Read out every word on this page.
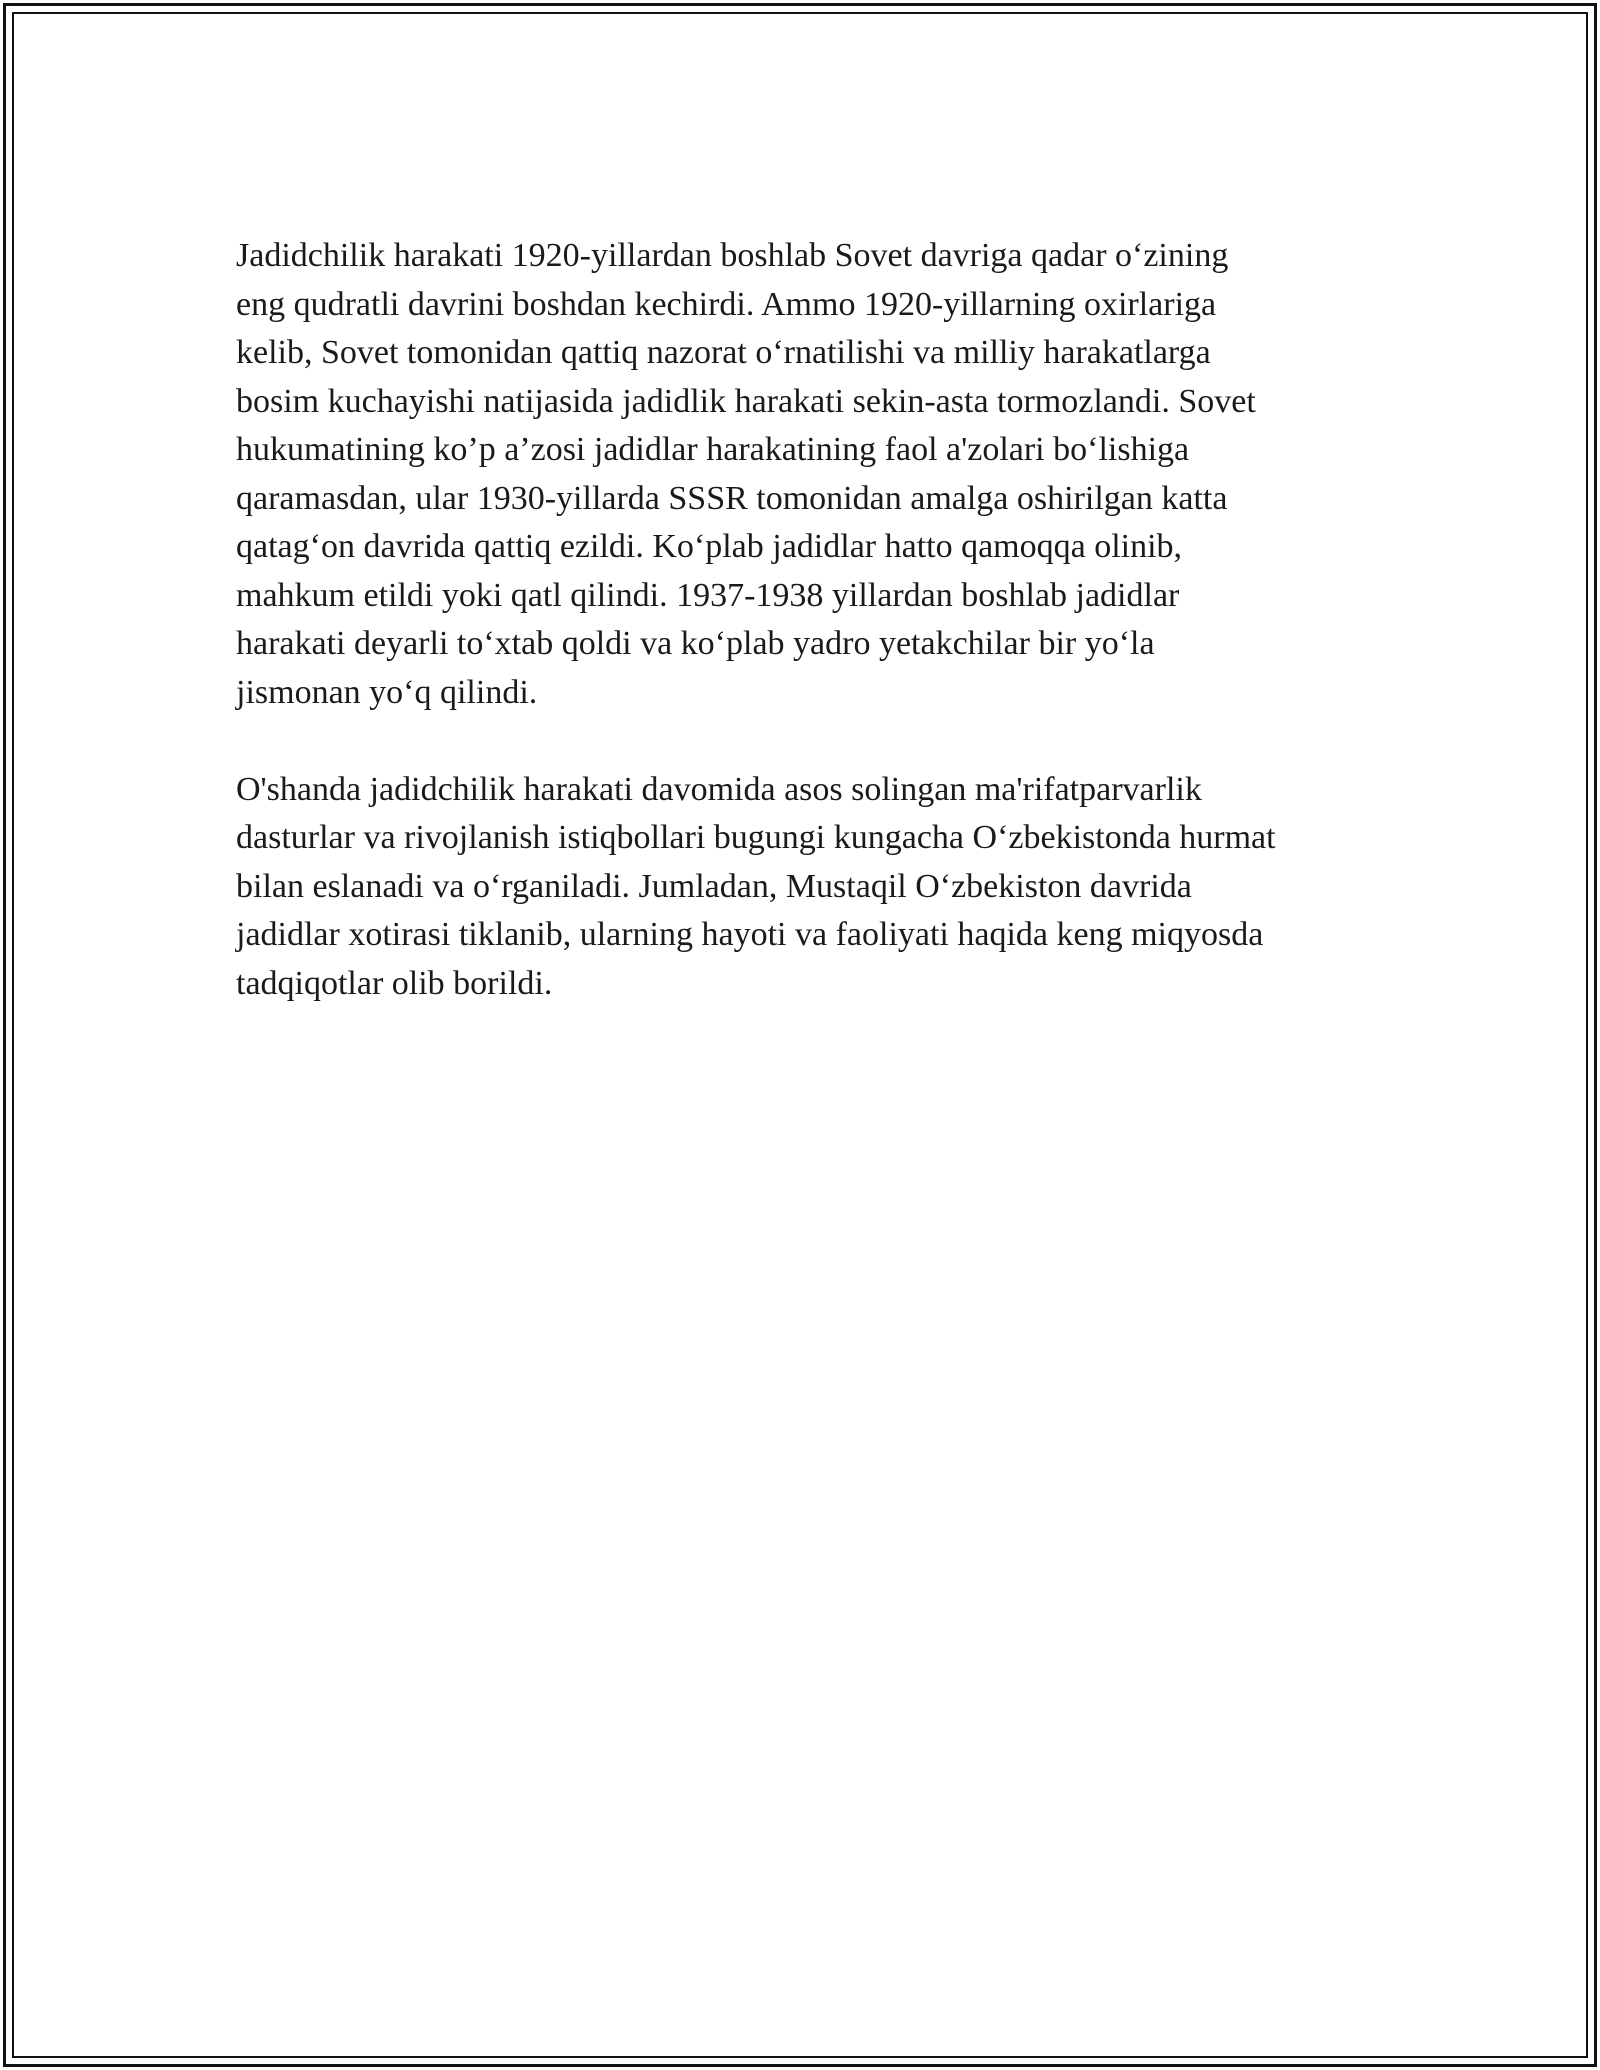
Jadidchilik harakati 1920-yillardan boshlab Sovet davriga qadar o‘zining
eng qudratli davrini boshdan kechirdi. Ammo 1920-yillarning oxirlariga
kelib, Sovet tomonidan qattiq nazorat o‘rnatilishi va milliy harakatlarga
bosim kuchayishi natijasida jadidlik harakati sekin-asta tormozlandi. Sovet
hukumatining ko’p a’zosi jadidlar harakatining faol a'zolari bo‘lishiga
qaramasdan, ular 1930-yillarda SSSR tomonidan amalga oshirilgan katta
qatag‘on davrida qattiq ezildi. Ko‘plab jadidlar hatto qamoqqa olinib,
mahkum etildi yoki qatl qilindi. 1937-1938 yillardan boshlab jadidlar
harakati deyarli to‘xtab qoldi va ko‘plab yadro yetakchilar bir yo‘la
jismonan yo‘q qilindi.

O'shanda jadidchilik harakati davomida asos solingan ma'rifatparvarlik
dasturlar va rivojlanish istiqbollari bugungi kungacha O‘zbekistonda hurmat
bilan eslanadi va o‘rganiladi. Jumladan, Mustaqil O‘zbekiston davrida
jadidlar xotirasi tiklanib, ularning hayoti va faoliyati haqida keng miqyosda
tadqiqotlar olib borildi.
